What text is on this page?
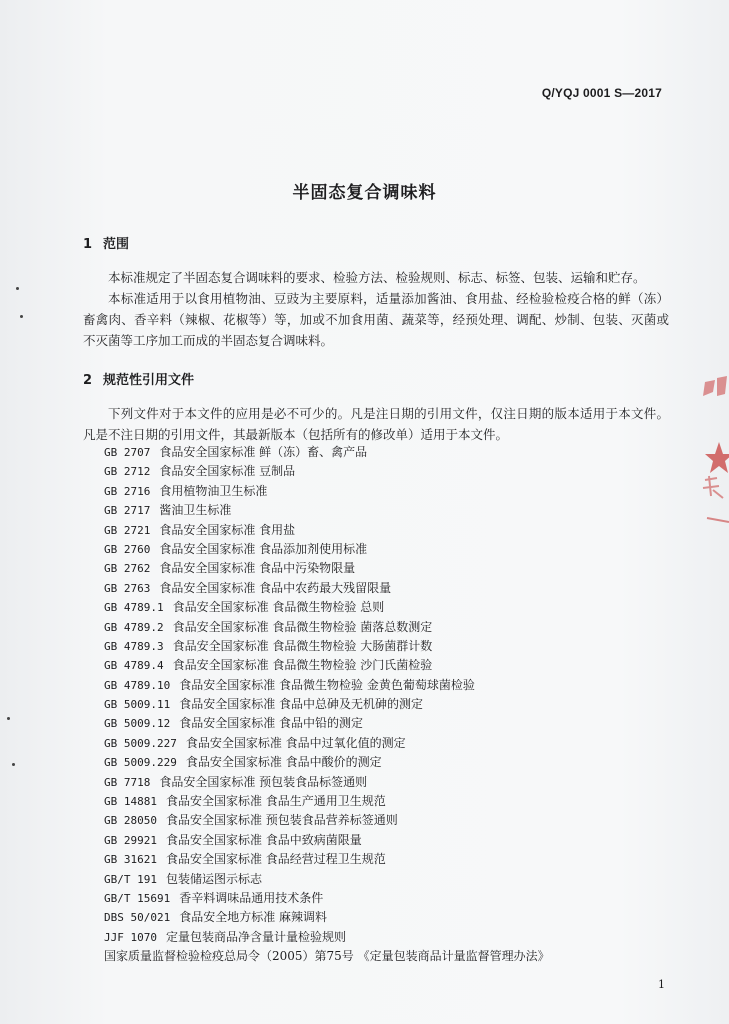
Q/YQJ 0001 S—2017
半固态复合调味料
1 范围

本标准规定了半固态复合调味料的要求、检验方法、检验规则、标志、标签、包装、运输和贮存。

本标准适用于以食用植物油、豆豉为主要原料，适量添加酱油、食用盐、经检验检疫合格的鲜（冻）畜禽肉、香辛料（辣椒、花椒等）等，加或不加食用菌、蔬菜等，经预处理、调配、炒制、包装、灭菌或不灭菌等工序加工而成的半固态复合调味料。

2 规范性引用文件

下列文件对于本文件的应用是必不可少的。凡是注日期的引用文件，仅注日期的版本适用于本文件。凡是不注日期的引用文件，其最新版本（包括所有的修改单）适用于本文件。

GB 2707 食品安全国家标准 鲜（冻）畜、禽产品
GB 2712 食品安全国家标准 豆制品
GB 2716 食用植物油卫生标准
GB 2717 酱油卫生标准
GB 2721 食品安全国家标准 食用盐
GB 2760 食品安全国家标准 食品添加剂使用标准
GB 2762 食品安全国家标准 食品中污染物限量
GB 2763 食品安全国家标准 食品中农药最大残留限量
GB 4789.1 食品安全国家标准 食品微生物检验 总则
GB 4789.2 食品安全国家标准 食品微生物检验 菌落总数测定
GB 4789.3 食品安全国家标准 食品微生物检验 大肠菌群计数
GB 4789.4 食品安全国家标准 食品微生物检验 沙门氏菌检验
GB 4789.10 食品安全国家标准 食品微生物检验 金黄色葡萄球菌检验
GB 5009.11 食品安全国家标准 食品中总砷及无机砷的测定
GB 5009.12 食品安全国家标准 食品中铅的测定
GB 5009.227 食品安全国家标准 食品中过氧化值的测定
GB 5009.229 食品安全国家标准 食品中酸价的测定
GB 7718 食品安全国家标准 预包装食品标签通则
GB 14881 食品安全国家标准 食品生产通用卫生规范
GB 28050 食品安全国家标准 预包装食品营养标签通则
GB 29921 食品安全国家标准 食品中致病菌限量
GB 31621 食品安全国家标准 食品经营过程卫生规范
GB/T 191 包装储运图示标志
GB/T 15691 香辛料调味品通用技术条件
DBS 50/021 食品安全地方标准 麻辣调料
JJF 1070 定量包装商品净含量计量检验规则
国家质量监督检验检疫总局令（2005）第75号 《定量包装商品计量监督管理办法》
1
